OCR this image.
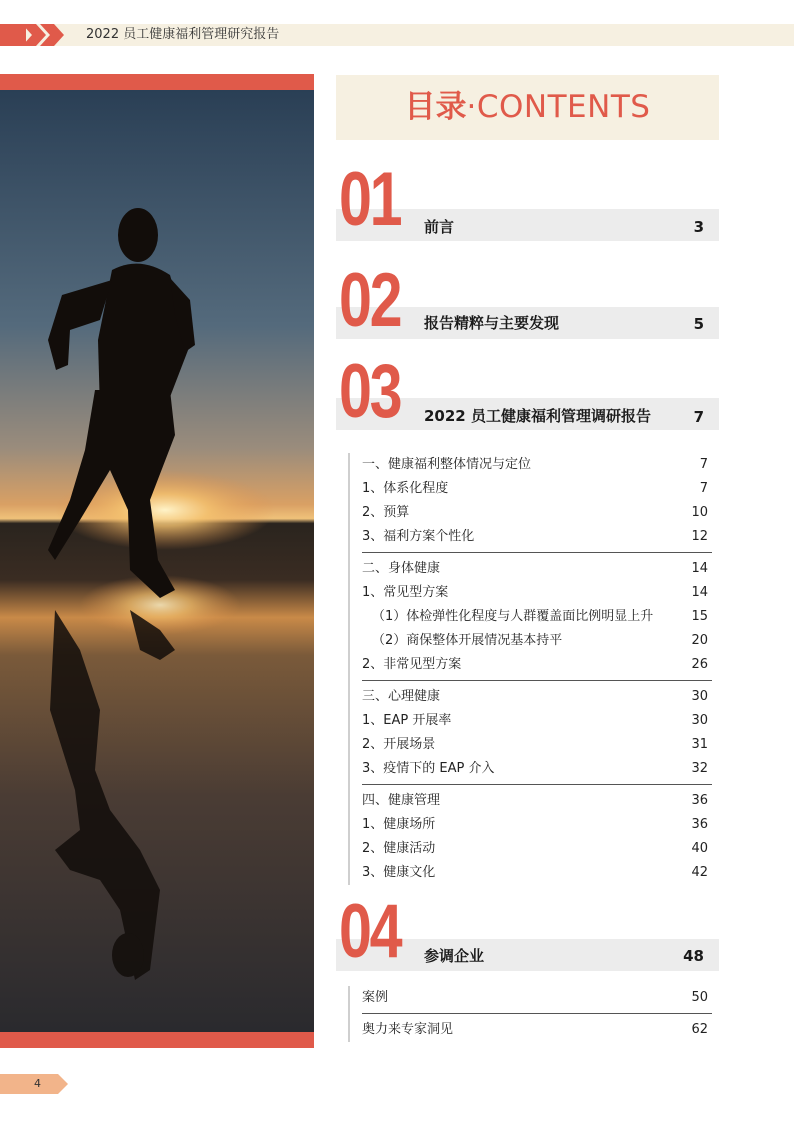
2022 员工健康福利管理研究报告
目录·CONTENTS
01 前言	3
02 报告精粹与主要发现	5
03 2022 员工健康福利管理调研报告	7
一、健康福利整体情况与定位	7
1、体系化程度	7
2、预算	10
3、福利方案个性化	12
二、身体健康	14
1、常见型方案	14
（1）体检弹性化程度与人群覆盖面比例明显上升	15
（2）商保整体开展情况基本持平	20
2、非常见型方案	26
三、心理健康	30
1、EAP 开展率	30
2、开展场景	31
3、疫情下的 EAP 介入	32
四、健康管理	36
1、健康场所	36
2、健康活动	40
3、健康文化	42
04 参调企业	48
案例	50
奥力来专家洞见	62
4
